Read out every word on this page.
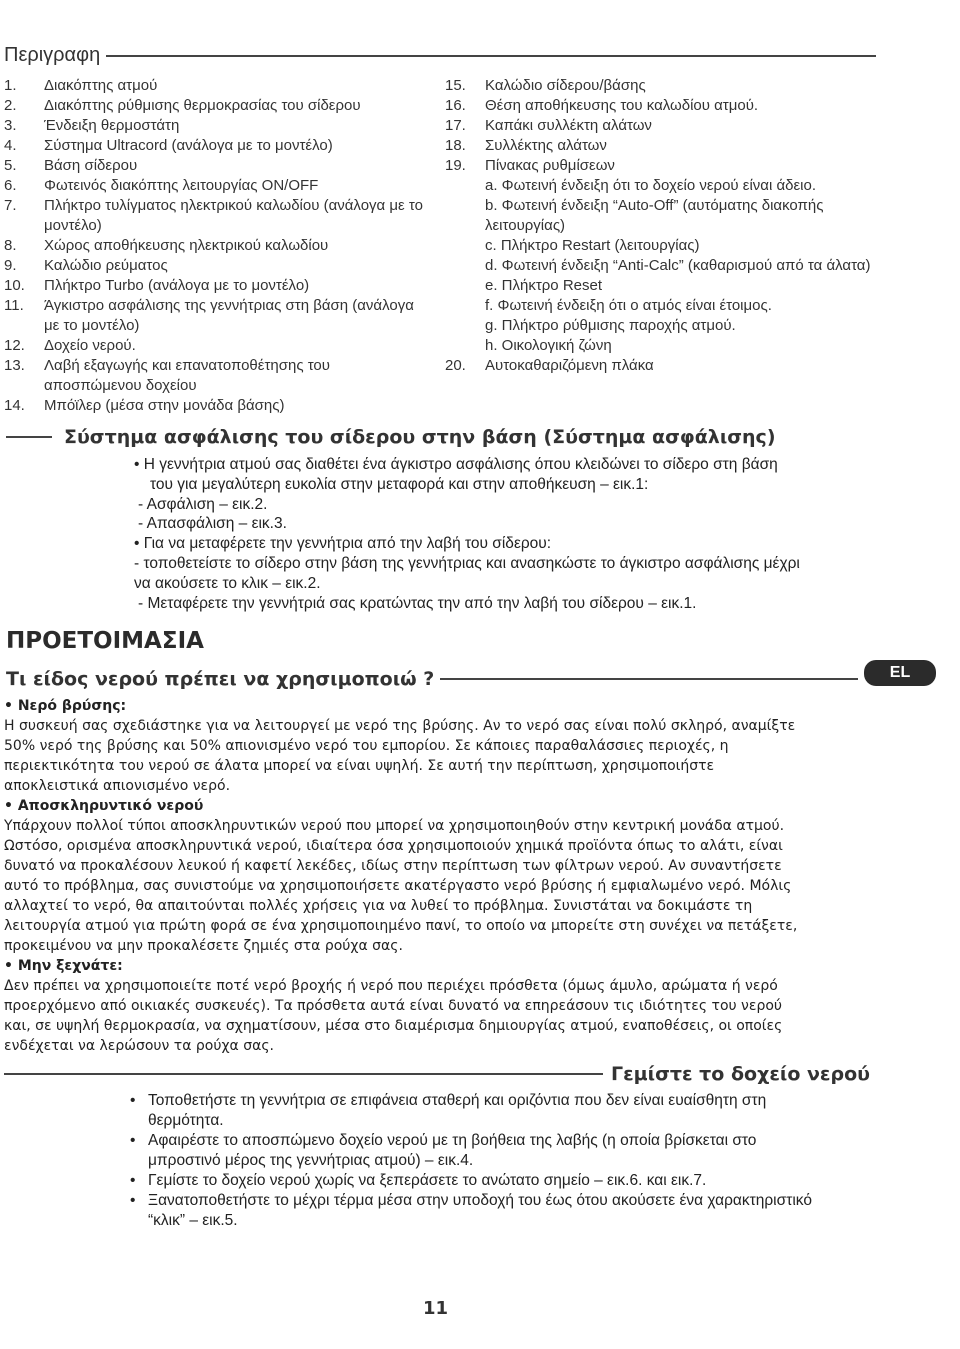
Περιγραφη
1.	Διακόπτης ατμού
2.	Διακόπτης ρύθμισης θερμοκρασίας του σίδερου
3.	Ένδειξη θερμοστάτη
4.	Σύστημα Ultracord (ανάλογα με το μοντέλο)
5.	Βάση σίδερου
6.	Φωτεινός διακόπτης λειτουργίας ON/OFF
7.	Πλήκτρο τυλίγματος ηλεκτρικού καλωδίου (ανάλογα με το μοντέλο)
8.	Χώρος αποθήκευσης ηλεκτρικού καλωδίου
9.	Καλώδιο ρεύματος
10.	Πλήκτρο Turbo (ανάλογα με το μοντέλο)
11.	Άγκιστρο ασφάλισης της γεννήτριας στη βάση (ανάλογα με το μοντέλο)
12.	Δοχείο νερού.
13.	Λαβή εξαγωγής και επανατοποθέτησης του αποσπώμενου δοχείου
14.	Μπόϊλερ (μέσα στην μονάδα βάσης)
15.	Καλώδιο σίδερου/βάσης
16.	Θέση αποθήκευσης του καλωδίου ατμού.
17.	Καπάκι συλλέκτη αλάτων
18.	Συλλέκτης αλάτων
19.	Πίνακας ρυθμίσεων
a. Φωτεινή ένδειξη ότι το δοχείο νερού είναι άδειο.
b. Φωτεινή ένδειξη “Auto-Off” (αυτόματης διακοπής λειτουργίας)
c. Πλήκτρο Restart (λειτουργίας)
d. Φωτεινή ένδειξη “Anti-Calc” (καθαρισμού από τα άλατα)
e. Πλήκτρο Reset
f. Φωτεινή ένδειξη ότι ο ατμός είναι έτοιμος.
g. Πλήκτρο ρύθμισης παροχής ατμού.
h. Οικολογική ζώνη
20.	Αυτοκαθαριζόμενη πλάκα
Σύστημα ασφάλισης του σίδερου στην βάση (Σύστημα ασφάλισης)
• Η γεννήτρια ατμού σας διαθέτει ένα άγκιστρο ασφάλισης όπου κλειδώνει το σίδερο στη βάση
του για μεγαλύτερη ευκολία στην μεταφορά και στην αποθήκευση – εικ.1:
- Ασφάλιση – εικ.2.
- Απασφάλιση – εικ.3.
• Για να μεταφέρετε την γεννήτρια από την λαβή του σίδερου:
- τοποθετείστε το σίδερο στην βάση της γεννήτριας και ανασηκώστε το άγκιστρο ασφάλισης μέχρι
να ακούσετε το κλικ – εικ.2.
- Μεταφέρετε την γεννήτριά σας κρατώντας την από την λαβή του σίδερου – εικ.1.
ΠΡΟΕΤΟΙΜΑΣΙΑ
Τι είδος νερού πρέπει να χρησιμοποιώ ?	EL
• Νερό βρύσης:
Η συσκευή σας σχεδιάστηκε για να λειτουργεί με νερό της βρύσης. Αν το νερό σας είναι πολύ σκληρό, αναμίξτε
50% νερό της βρύσης και 50% απιονισμένο νερό του εμπορίου. Σε κάποιες παραθαλάσσιες περιοχές, η
περιεκτικότητα του νερού σε άλατα μπορεί να είναι υψηλή. Σε αυτή την περίπτωση, χρησιμοποιήστε
αποκλειστικά απιονισμένο νερό.
• Αποσκληρυντικό νερού
Υπάρχουν πολλοί τύποι αποσκληρυντικών νερού που μπορεί να χρησιμοποιηθούν στην κεντρική μονάδα ατμού.
Ωστόσο, ορισμένα αποσκληρυντικά νερού, ιδιαίτερα όσα χρησιμοποιούν χημικά προϊόντα όπως το αλάτι, είναι
δυνατό να προκαλέσουν λευκού ή καφετί λεκέδες, ιδίως στην περίπτωση των φίλτρων νερού. Αν συναντήσετε
αυτό το πρόβλημα, σας συνιστούμε να χρησιμοποιήσετε ακατέργαστο νερό βρύσης ή εμφιαλωμένο νερό. Μόλις
αλλαχτεί το νερό, θα απαιτούνται πολλές χρήσεις για να λυθεί το πρόβλημα. Συνιστάται να δοκιμάστε τη
λειτουργία ατμού για πρώτη φορά σε ένα χρησιμοποιημένο πανί, το οποίο να μπορείτε στη συνέχει να πετάξετε,
προκειμένου να μην προκαλέσετε ζημιές στα ρούχα σας.
• Μην ξεχνάτε:
Δεν πρέπει να χρησιμοποιείτε ποτέ νερό βροχής ή νερό που περιέχει πρόσθετα (όμως άμυλο, αρώματα ή νερό
προερχόμενο από οικιακές συσκευές). Τα πρόσθετα αυτά είναι δυνατό να επηρεάσουν τις ιδιότητες του νερού
και, σε υψηλή θερμοκρασία, να σχηματίσουν, μέσα στο διαμέρισμα δημιουργίας ατμού, εναποθέσεις, οι οποίες
ενδέχεται να λερώσουν τα ρούχα σας.
Γεμίστε το δοχείο νερού
• Τοποθετήστε τη γεννήτρια σε επιφάνεια σταθερή και οριζόντια που δεν είναι ευαίσθητη στη
θερμότητα.
• Αφαιρέστε το αποσπώμενο δοχείο νερού με τη βοήθεια της λαβής (η οποία βρίσκεται στο
μπροστινό μέρος της γεννήτριας ατμού) – εικ.4.
• Γεμίστε το δοχείο νερού χωρίς να ξεπεράσετε το ανώτατο σημείο – εικ.6. και εικ.7.
• Ξανατοποθετήστε το μέχρι τέρμα μέσα στην υποδοχή του έως ότου ακούσετε ένα χαρακτηριστικό
“κλικ” – εικ.5.
11
